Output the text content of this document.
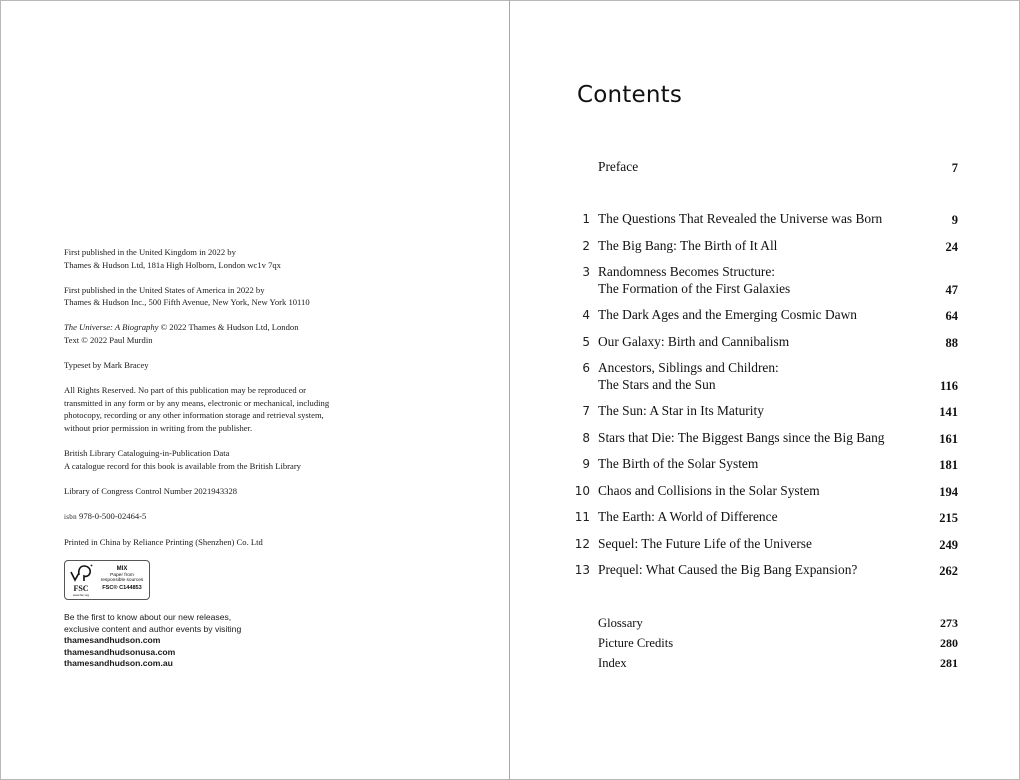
First published in the United Kingdom in 2022 by
Thames & Hudson Ltd, 181a High Holborn, London wc1v 7qx

First published in the United States of America in 2022 by
Thames & Hudson Inc., 500 Fifth Avenue, New York, New York 10110

The Universe: A Biography © 2022 Thames & Hudson Ltd, London
Text © 2022 Paul Murdin

Typeset by Mark Bracey

All Rights Reserved. No part of this publication may be reproduced or
transmitted in any form or by any means, electronic or mechanical, including
photocopy, recording or any other information storage and retrieval system,
without prior permission in writing from the publisher.

British Library Cataloguing-in-Publication Data
A catalogue record for this book is available from the British Library

Library of Congress Control Number 2021943328

isbn 978-0-500-02464-5

Printed in China by Reliance Printing (Shenzhen) Co. Ltd

FSC
www.fsc.org
MIX
Paper from
responsible sources
FSC® C144853
Be the first to know about our new releases,
exclusive content and author events by visiting
thamesandhudson.com
thamesandhudsonusa.com
thamesandhudson.com.au
Contents
Preface	7
1 The Questions That Revealed the Universe was Born	9
2 The Big Bang: The Birth of It All	24
3 Randomness Becomes Structure:
The Formation of the First Galaxies	47
4 The Dark Ages and the Emerging Cosmic Dawn	64
5 Our Galaxy: Birth and Cannibalism	88
6 Ancestors, Siblings and Children:
The Stars and the Sun	116
7 The Sun: A Star in Its Maturity	141
8 Stars that Die: The Biggest Bangs since the Big Bang	161
9 The Birth of the Solar System	181
10 Chaos and Collisions in the Solar System	194
11 The Earth: A World of Difference	215
12 Sequel: The Future Life of the Universe	249
13 Prequel: What Caused the Big Bang Expansion?	262
Glossary	273
Picture Credits	280
Index	281
